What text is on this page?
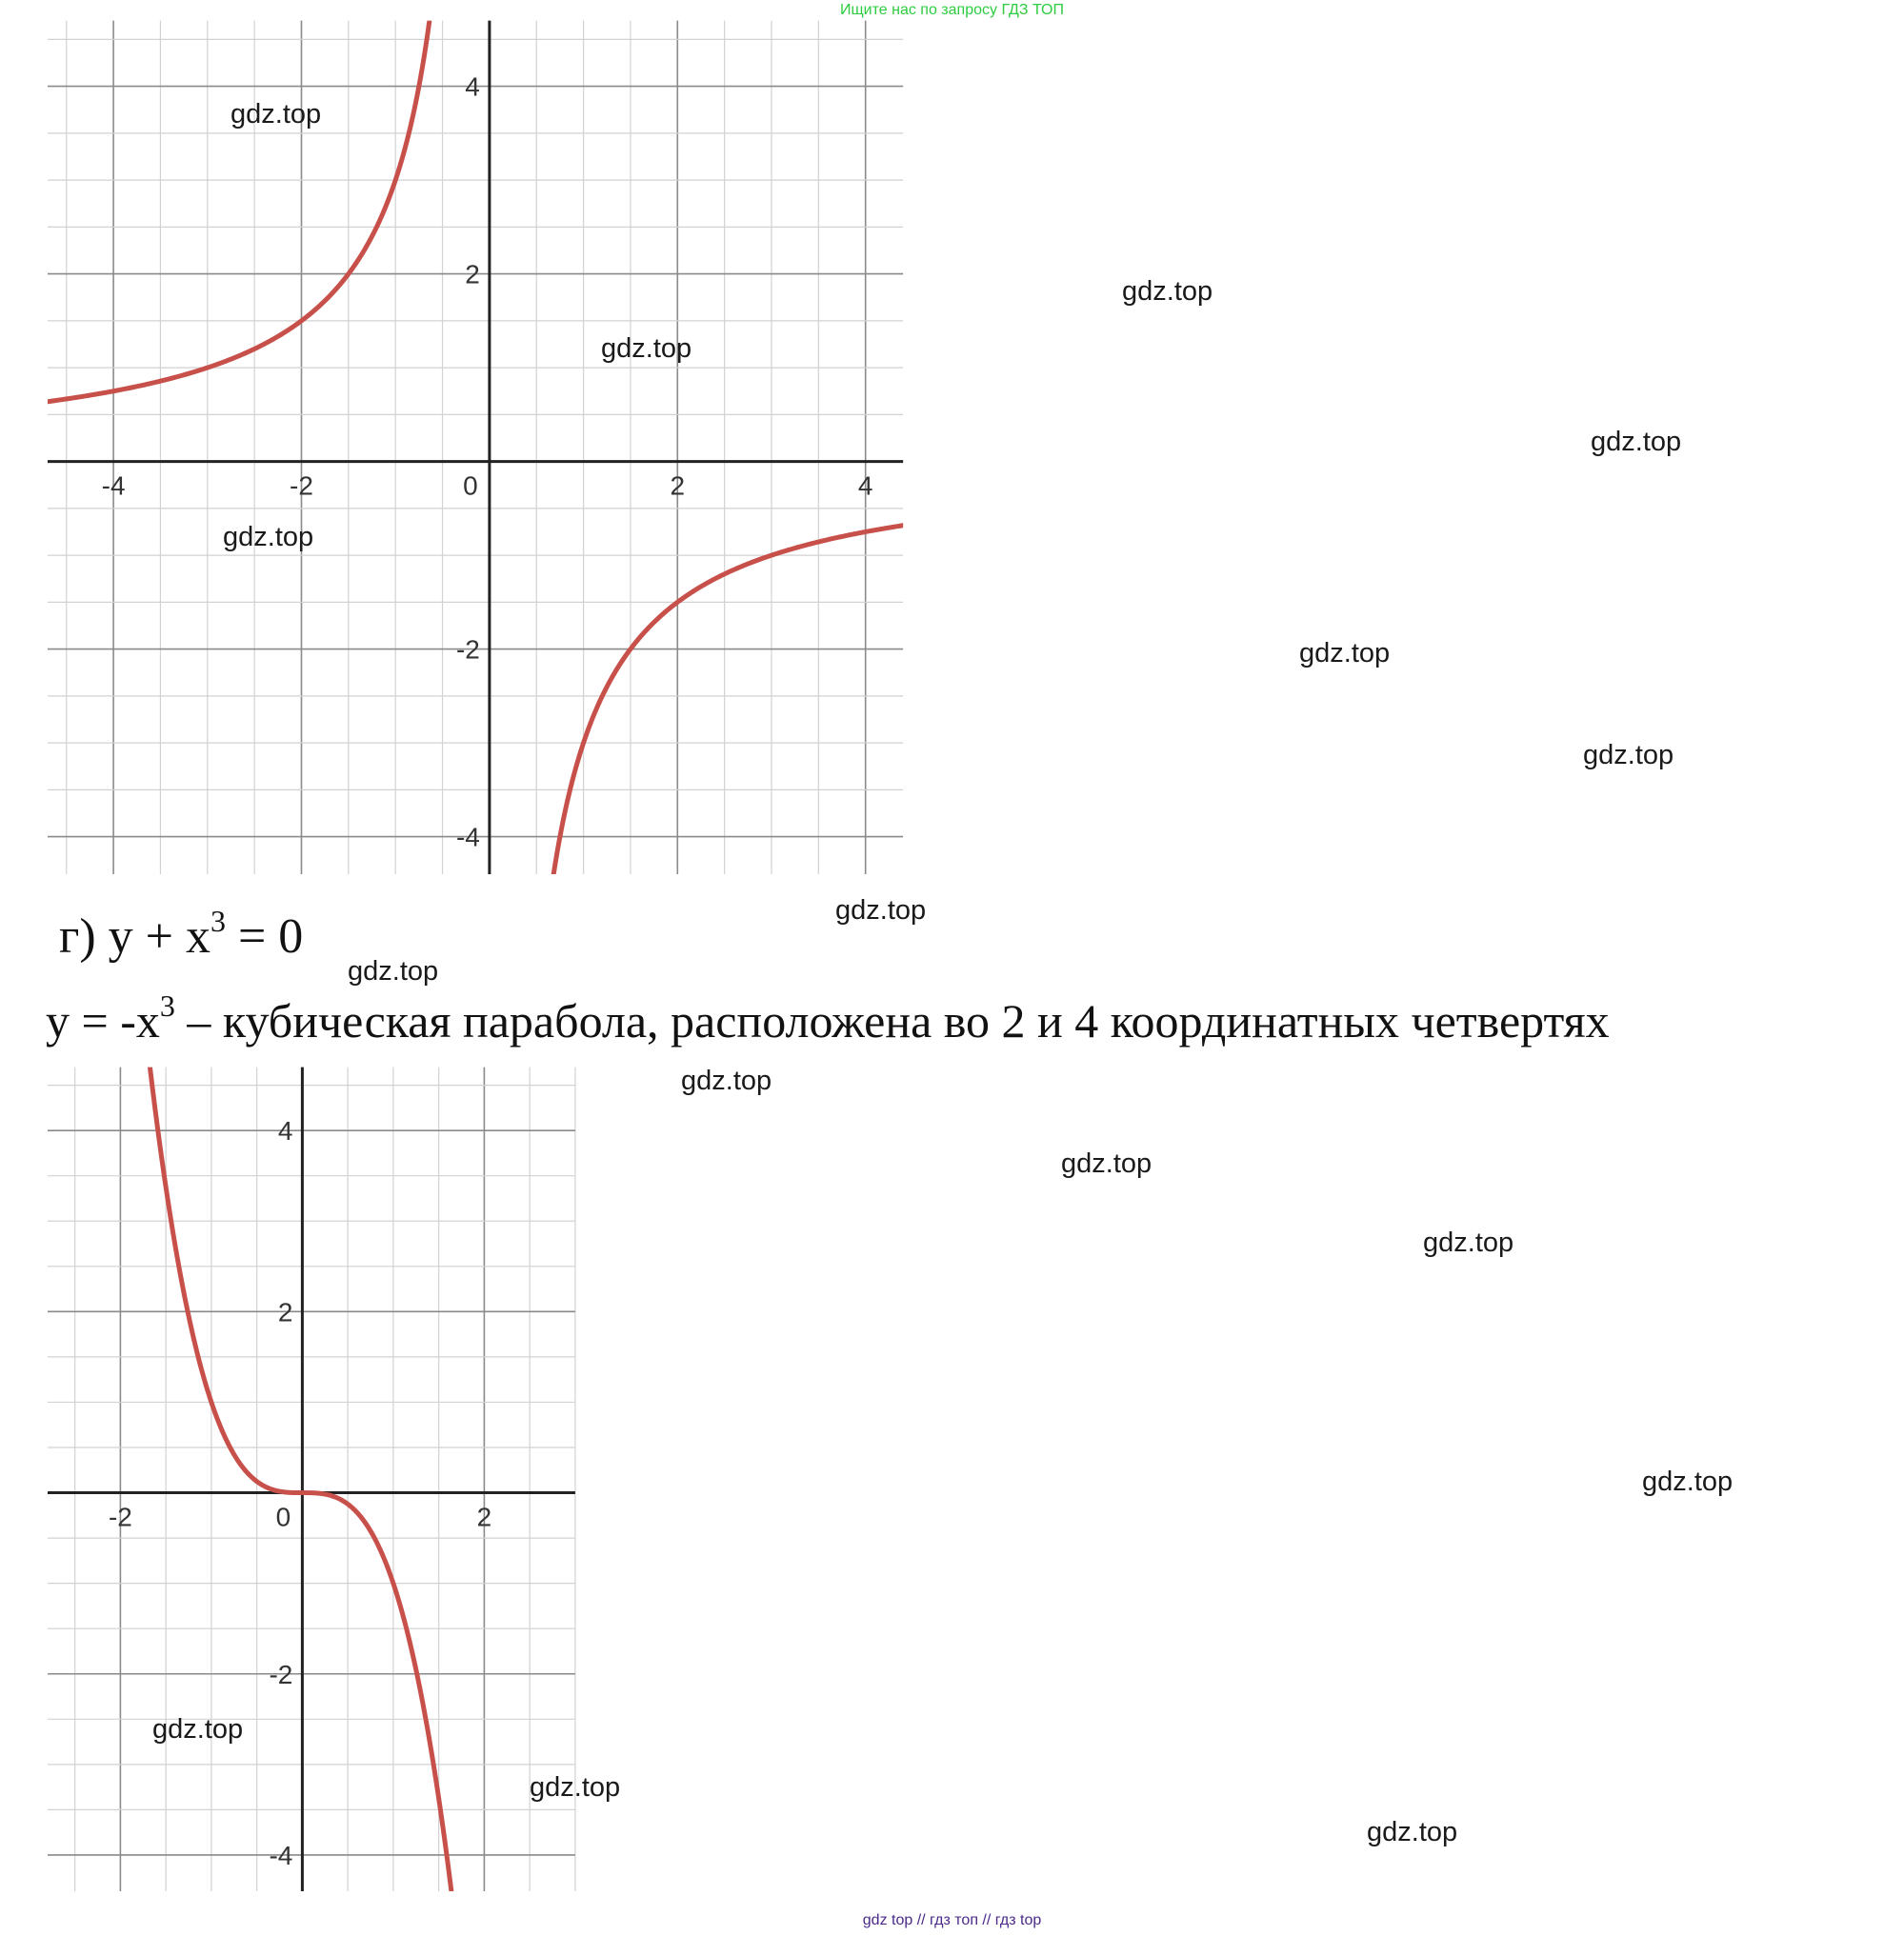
Ищите нас по запросу ГДЗ ТОП
-4	-2	0	2	4
-4
-2
2
4
г) $y + x^3 = 0$
$y = -x^3$ – кубическая парабола, расположена во 2 и 4 координатных четвертях
-2	0	2
-4
-2
2
4
gdz.top
gdz.top
gdz.top
gdz.top
gdz.top
gdz.top
gdz.top
gdz.top
gdz.top
gdz.top
gdz.top
gdz.top
gdz.top
gdz.top
gdz.top
gdz.top
gdz top // гдз топ // гдз top
